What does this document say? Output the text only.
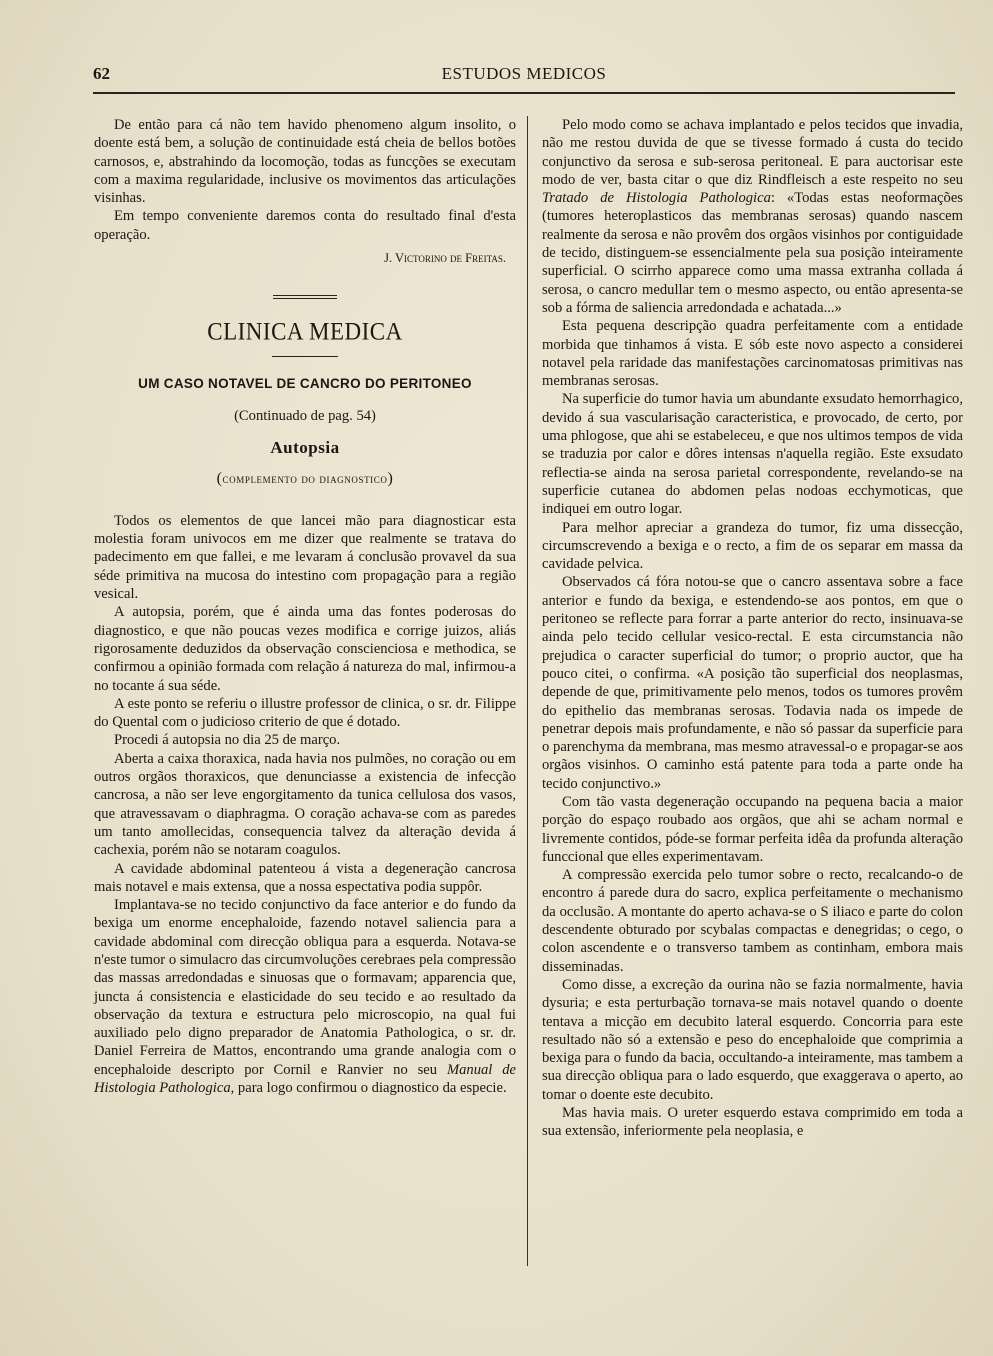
62	ESTUDOS MEDICOS

De então para cá não tem havido phenomeno algum insolito, o doente está bem, a solução de continuidade está cheia de bellos botões carnosos, e, abstrahindo da locomoção, todas as funcções se executam com a maxima regularidade, inclusive os movimentos das articulações visinhas.

Em tempo conveniente daremos conta do resultado final d'esta operação.

J. Victorino de Freitas.

CLINICA MEDICA
UM CASO NOTAVEL DE CANCRO DO PERITONEO
(Continuado de pag. 54)
Autopsia
(complemento do diagnostico)

Todos os elementos de que lancei mão para diagnosticar esta molestia foram univocos em me dizer que realmente se tratava do padecimento em que fallei, e me levaram á conclusão provavel da sua séde primitiva na mucosa do intestino com propagação para a região vesical.

A autopsia, porém, que é ainda uma das fontes poderosas do diagnostico, e que não poucas vezes modifica e corrige juizos, aliás rigorosamente deduzidos da observação conscienciosa e methodica, se confirmou a opinião formada com relação á natureza do mal, infirmou-a no tocante á sua séde.

A este ponto se referiu o illustre professor de clinica, o sr. dr. Filippe do Quental com o judicioso criterio de que é dotado.

Procedi á autopsia no dia 25 de março.

Aberta a caixa thoraxica, nada havia nos pulmões, no coração ou em outros orgãos thoraxicos, que denunciasse a existencia de infecção cancrosa, a não ser leve engorgitamento da tunica cellulosa dos vasos, que atravessavam o diaphragma. O coração achava-se com as paredes um tanto amollecidas, consequencia talvez da alteração devida á cachexia, porém não se notaram coagulos.

A cavidade abdominal patenteou á vista a degeneração cancrosa mais notavel e mais extensa, que a nossa espectativa podia suppôr.

Implantava-se no tecido conjunctivo da face anterior e do fundo da bexiga um enorme encephaloide, fazendo notavel saliencia para a cavidade abdominal com direcção obliqua para a esquerda. Notava-se n'este tumor o simulacro das circumvoluções cerebraes pela compressão das massas arredondadas e sinuosas que o formavam; apparencia que, juncta á consistencia e elasticidade do seu tecido e ao resultado da observação da textura e estructura pelo microscopio, na qual fui auxiliado pelo digno preparador de Anatomia Pathologica, o sr. dr. Daniel Ferreira de Mattos, encontrando uma grande analogia com o encephaloide descripto por Cornil e Ranvier no seu Manual de Histologia Pathologica, para logo confirmou o diagnostico da especie.

Pelo modo como se achava implantado e pelos tecidos que invadia, não me restou duvida de que se tivesse formado á custa do tecido conjunctivo da serosa e sub-serosa peritoneal. E para auctorisar este modo de ver, basta citar o que diz Rindfleisch a este respeito no seu Tratado de Histologia Pathologica: «Todas estas neoformações (tumores heteroplasticos das membranas serosas) quando nascem realmente da serosa e não provêm dos orgãos visinhos por contiguidade de tecido, distinguem-se essencialmente pela sua posição inteiramente superficial. O scirrho apparece como uma massa extranha collada á serosa, o cancro medullar tem o mesmo aspecto, ou então apresenta-se sob a fórma de saliencia arredondada e achatada...»

Esta pequena descripção quadra perfeitamente com a entidade morbida que tinhamos á vista. E sób este novo aspecto a considerei notavel pela raridade das manifestações carcinomatosas primitivas nas membranas serosas.

Na superficie do tumor havia um abundante exsudato hemorrhagico, devido á sua vascularisação caracteristica, e provocado, de certo, por uma phlogose, que ahi se estabeleceu, e que nos ultimos tempos de vida se traduzia por calor e dôres intensas n'aquella região. Este exsudato reflectia-se ainda na serosa parietal correspondente, revelando-se na superficie cutanea do abdomen pelas nodoas ecchymoticas, que indiquei em outro logar.

Para melhor apreciar a grandeza do tumor, fiz uma dissecção, circumscrevendo a bexiga e o recto, a fim de os separar em massa da cavidade pelvica.

Observados cá fóra notou-se que o cancro assentava sobre a face anterior e fundo da bexiga, e estendendo-se aos pontos, em que o peritoneo se reflecte para forrar a parte anterior do recto, insinuava-se ainda pelo tecido cellular vesico-rectal. E esta circumstancia não prejudica o caracter superficial do tumor; o proprio auctor, que ha pouco citei, o confirma. «A posição tão superficial dos neoplasmas, depende de que, primitivamente pelo menos, todos os tumores provêm do epithelio das membranas serosas. Todavia nada os impede de penetrar depois mais profundamente, e não só passar da superficie para o parenchyma da membrana, mas mesmo atravessal-o e propagar-se aos orgãos visinhos. O caminho está patente para toda a parte onde ha tecido conjunctivo.»

Com tão vasta degeneração occupando na pequena bacia a maior porção do espaço roubado aos orgãos, que ahi se acham normal e livremente contidos, póde-se formar perfeita idêa da profunda alteração funccional que elles experimentavam.

A compressão exercida pelo tumor sobre o recto, recalcando-o de encontro á parede dura do sacro, explica perfeitamente o mechanismo da occlusão. A montante do aperto achava-se o S iliaco e parte do colon descendente obturado por scybalas compactas e denegridas; o cego, o colon ascendente e o transverso tambem as continham, embora mais disseminadas.

Como disse, a excreção da ourina não se fazia normalmente, havia dysuria; e esta perturbação tornava-se mais notavel quando o doente tentava a micção em decubito lateral esquerdo. Concorria para este resultado não só a extensão e peso do encephaloide que comprimia a bexiga para o fundo da bacia, occultando-a inteiramente, mas tambem a sua direcção obliqua para o lado esquerdo, que exaggerava o aperto, ao tomar o doente este decubito.

Mas havia mais. O ureter esquerdo estava comprimido em toda a sua extensão, inferiormente pela neoplasia, e
